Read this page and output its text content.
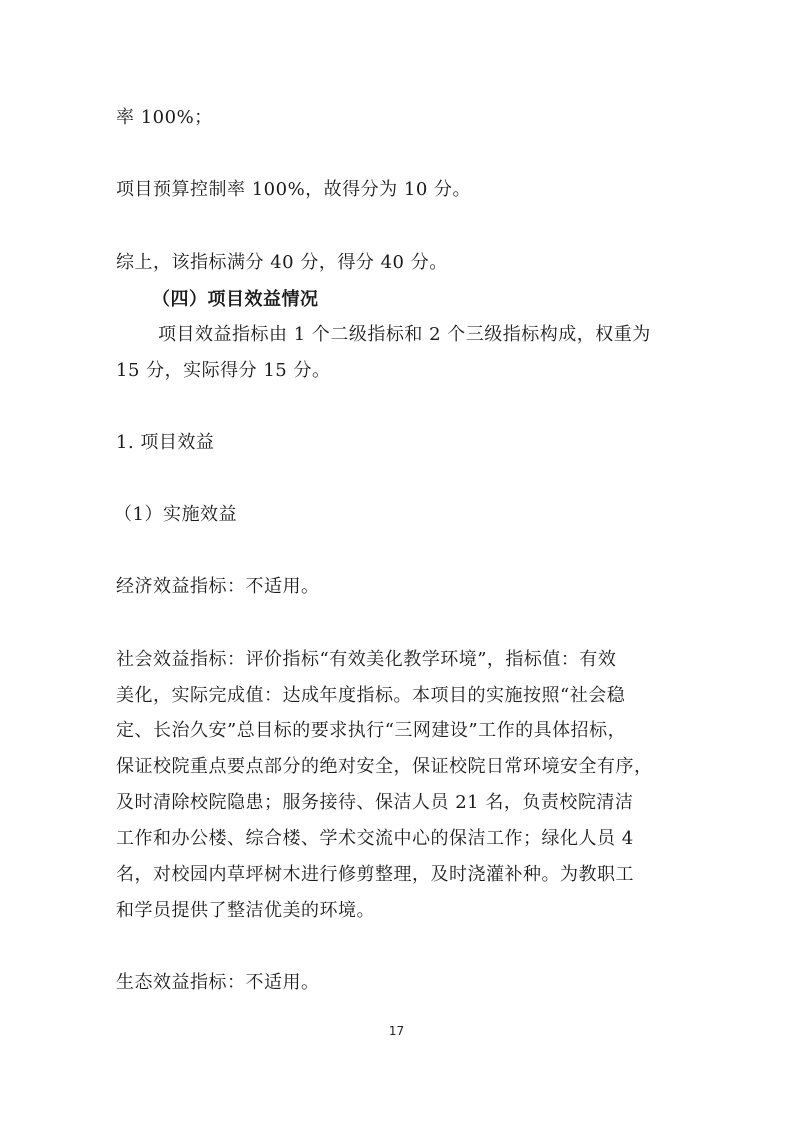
率 100%；
项目预算控制率 100%，故得分为 10 分。
综上，该指标满分 40 分，得分 40 分。
（四）项目效益情况
项目效益指标由 1 个二级指标和 2 个三级指标构成，权重为
15 分，实际得分 15 分。
1. 项目效益
（1）实施效益
经济效益指标：不适用。
社会效益指标：评价指标“有效美化教学环境”，指标值：有效
美化，实际完成值：达成年度指标。本项目的实施按照“社会稳
定、长治久安”总目标的要求执行“三网建设”工作的具体招标，
保证校院重点要点部分的绝对安全，保证校院日常环境安全有序，
及时清除校院隐患；服务接待、保洁人员 21 名，负责校院清洁
工作和办公楼、综合楼、学术交流中心的保洁工作；绿化人员 4
名，对校园内草坪树木进行修剪整理，及时浇灌补种。为教职工
和学员提供了整洁优美的环境。
生态效益指标：不适用。
17
